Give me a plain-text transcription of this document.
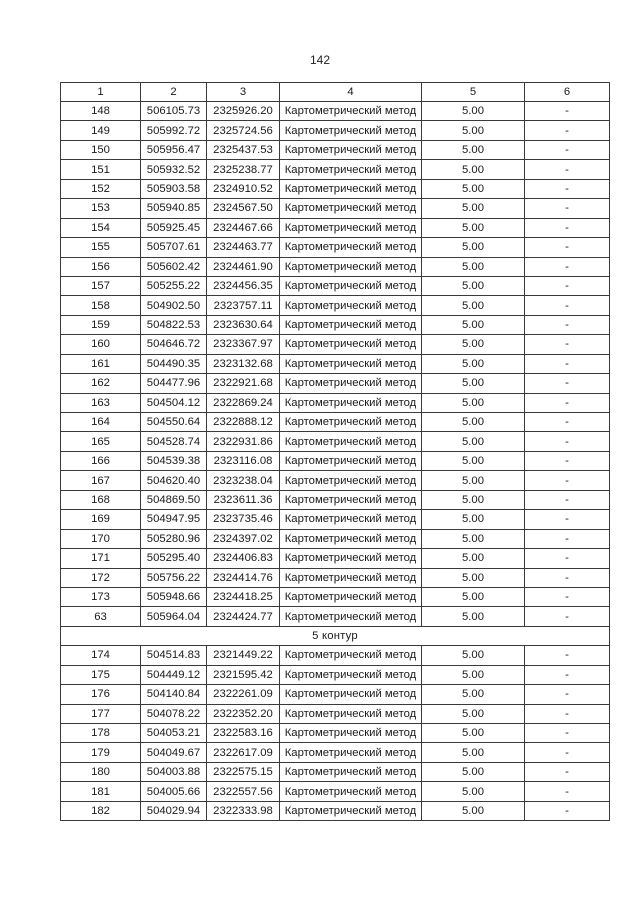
142
1	2	3	4	5	6
148	506105.73	2325926.20	Картометрический метод	5.00	-
149	505992.72	2325724.56	Картометрический метод	5.00	-
150	505956.47	2325437.53	Картометрический метод	5.00	-
151	505932.52	2325238.77	Картометрический метод	5.00	-
152	505903.58	2324910.52	Картометрический метод	5.00	-
153	505940.85	2324567.50	Картометрический метод	5.00	-
154	505925.45	2324467.66	Картометрический метод	5.00	-
155	505707.61	2324463.77	Картометрический метод	5.00	-
156	505602.42	2324461.90	Картометрический метод	5.00	-
157	505255.22	2324456.35	Картометрический метод	5.00	-
158	504902.50	2323757.11	Картометрический метод	5.00	-
159	504822.53	2323630.64	Картометрический метод	5.00	-
160	504646.72	2323367.97	Картометрический метод	5.00	-
161	504490.35	2323132.68	Картометрический метод	5.00	-
162	504477.96	2322921.68	Картометрический метод	5.00	-
163	504504.12	2322869.24	Картометрический метод	5.00	-
164	504550.64	2322888.12	Картометрический метод	5.00	-
165	504528.74	2322931.86	Картометрический метод	5.00	-
166	504539.38	2323116.08	Картометрический метод	5.00	-
167	504620.40	2323238.04	Картометрический метод	5.00	-
168	504869.50	2323611.36	Картометрический метод	5.00	-
169	504947.95	2323735.46	Картометрический метод	5.00	-
170	505280.96	2324397.02	Картометрический метод	5.00	-
171	505295.40	2324406.83	Картометрический метод	5.00	-
172	505756.22	2324414.76	Картометрический метод	5.00	-
173	505948.66	2324418.25	Картометрический метод	5.00	-
63	505964.04	2324424.77	Картометрический метод	5.00	-
5 контур					
174	504514.83	2321449.22	Картометрический метод	5.00	-
175	504449.12	2321595.42	Картометрический метод	5.00	-
176	504140.84	2322261.09	Картометрический метод	5.00	-
177	504078.22	2322352.20	Картометрический метод	5.00	-
178	504053.21	2322583.16	Картометрический метод	5.00	-
179	504049.67	2322617.09	Картометрический метод	5.00	-
180	504003.88	2322575.15	Картометрический метод	5.00	-
181	504005.66	2322557.56	Картометрический метод	5.00	-
182	504029.94	2322333.98	Картометрический метод	5.00	-
